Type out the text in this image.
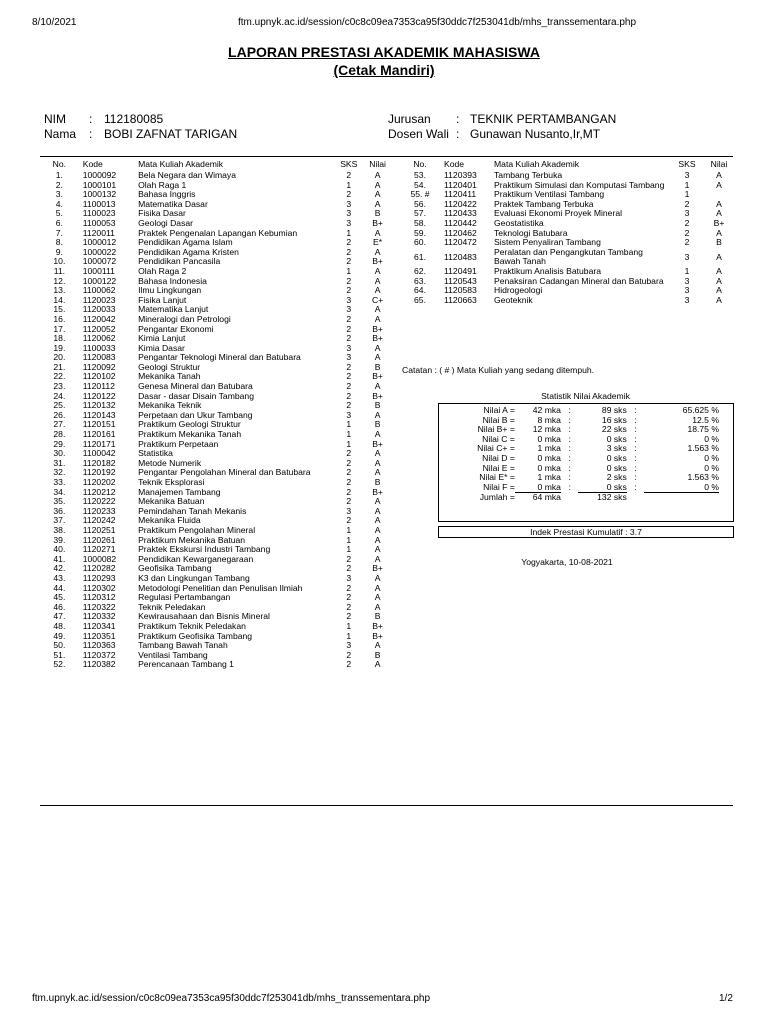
8/10/2021	ftm.upnyk.ac.id/session/c0c8c09ea7353ca95f30ddc7f253041db/mhs_transsementara.php
LAPORAN PRESTASI AKADEMIK MAHASISWA
(Cetak Mandiri)
NIM : 112180085
Nama : BOBI ZAFNAT TARIGAN
Jurusan : TEKNIK PERTAMBANGAN
Dosen Wali : Gunawan Nusanto,Ir,MT
No.	Kode	Mata Kuliah Akademik	SKS	Nilai
1.	1000092	Bela Negara dan Wimaya	2	A
2.	1000101	Olah Raga 1	1	A
3.	1000132	Bahasa Inggris	2	A
4.	1100013	Matematika Dasar	3	A
5.	1100023	Fisika Dasar	3	B
6.	1100053	Geologi Dasar	3	B+
7.	1120011	Praktek Pengenalan Lapangan Kebumian	1	A
8.	1000012	Pendidikan Agama Islam	2	E*
9.	1000022	Pendidikan Agama Kristen	2	A
10.	1000072	Pendidikan Pancasila	2	B+
11.	1000111	Olah Raga 2	1	A
12.	1000122	Bahasa Indonesia	2	A
13.	1100062	Ilmu Lingkungan	2	A
14.	1120023	Fisika Lanjut	3	C+
15.	1120033	Matematika Lanjut	3	A
16.	1120042	Mineralogi dan Petrologi	2	A
17.	1120052	Pengantar Ekonomi	2	B+
18.	1120062	Kimia Lanjut	2	B+
19.	1100033	Kimia Dasar	3	A
20.	1120083	Pengantar Teknologi Mineral dan Batubara	3	A
21.	1120092	Geologi Struktur	2	B
22.	1120102	Mekanika Tanah	2	B+
23.	1120112	Genesa Mineral dan Batubara	2	A
24.	1120122	Dasar - dasar Disain Tambang	2	B+
25.	1120132	Mekanika Teknik	2	B
26.	1120143	Perpetaan dan Ukur Tambang	3	A
27.	1120151	Praktikum Geologi Struktur	1	B
28.	1120161	Praktikum Mekanika Tanah	1	A
29.	1120171	Praktikum Perpetaan	1	B+
30.	1100042	Statistika	2	A
31.	1120182	Metode Numerik	2	A
32.	1120192	Pengantar Pengolahan Mineral dan Batubara	2	A
33.	1120202	Teknik Eksplorasi	2	B
34.	1120212	Manajemen Tambang	2	B+
35.	1120222	Mekanika Batuan	2	A
36.	1120233	Pemindahan Tanah Mekanis	3	A
37.	1120242	Mekanika Fluida	2	A
38.	1120251	Praktikum Pengolahan Mineral	1	A
39.	1120261	Praktikum Mekanika Batuan	1	A
40.	1120271	Praktek Ekskursi Industri Tambang	1	A
41.	1000082	Pendidikan Kewarganegaraan	2	A
42.	1120282	Geofisika Tambang	2	B+
43.	1120293	K3 dan Lingkungan Tambang	3	A
44.	1120302	Metodologi Penelitian dan Penulisan Ilmiah	2	A
45.	1120312	Regulasi Pertambangan	2	A
46.	1120322	Teknik Peledakan	2	A
47.	1120332	Kewirausahaan dan Bisnis Mineral	2	B
48.	1120341	Praktikum Teknik Peledakan	1	B+
49.	1120351	Praktikum Geofisika Tambang	1	B+
50.	1120363	Tambang Bawah Tanah	3	A
51.	1120372	Ventilasi Tambang	2	B
52.	1120382	Perencanaan Tambang 1	2	A
No.	Kode	Mata Kuliah Akademik	SKS	Nilai
53.	1120393	Tambang Terbuka	3	A
54.	1120401	Praktikum Simulasi dan Komputasi Tambang	1	A
55. #	1120411	Praktikum Ventilasi Tambang	1	
56.	1120422	Praktek Tambang Terbuka	2	A
57.	1120433	Evaluasi Ekonomi Proyek Mineral	3	A
58.	1120442	Geostatistika	2	B+
59.	1120462	Teknologi Batubara	2	A
60.	1120472	Sistem Penyaliran Tambang	2	B
61.	1120483	Peralatan dan Pengangkutan Tambang Bawah Tanah	3	A
62.	1120491	Praktikum Analisis Batubara	1	A
63.	1120543	Penaksiran Cadangan Mineral dan Batubara	3	A
64.	1120583	Hidrogeologi	3	A
65.	1120663	Geoteknik	3	A
Catatan : ( # ) Mata Kuliah yang sedang ditempuh.
Statistik Nilai Akademik
Nilai A =	42 mka	:	89 sks	:	65.625 %
Nilai B =	8 mka	:	16 sks	:	12.5 %
Nilai B+ =	12 mka	:	22 sks	:	18.75 %
Nilai C =	0 mka	:	0 sks	:	0 %
Nilai C+ =	1 mka	:	3 sks	:	1.563 %
Nilai D =	0 mka	:	0 sks	:	0 %
Nilai E =	0 mka	:	0 sks	:	0 %
Nilai E* =	1 mka	:	2 sks	:	1.563 %
Nilai F =	0 mka	:	0 sks	:	0 %
Jumlah =	64 mka		132 sks		
Indek Prestasi Kumulatif : 3.7
Yogyakarta, 10-08-2021
ftm.upnyk.ac.id/session/c0c8c09ea7353ca95f30ddc7f253041db/mhs_transsementara.php	1/2
